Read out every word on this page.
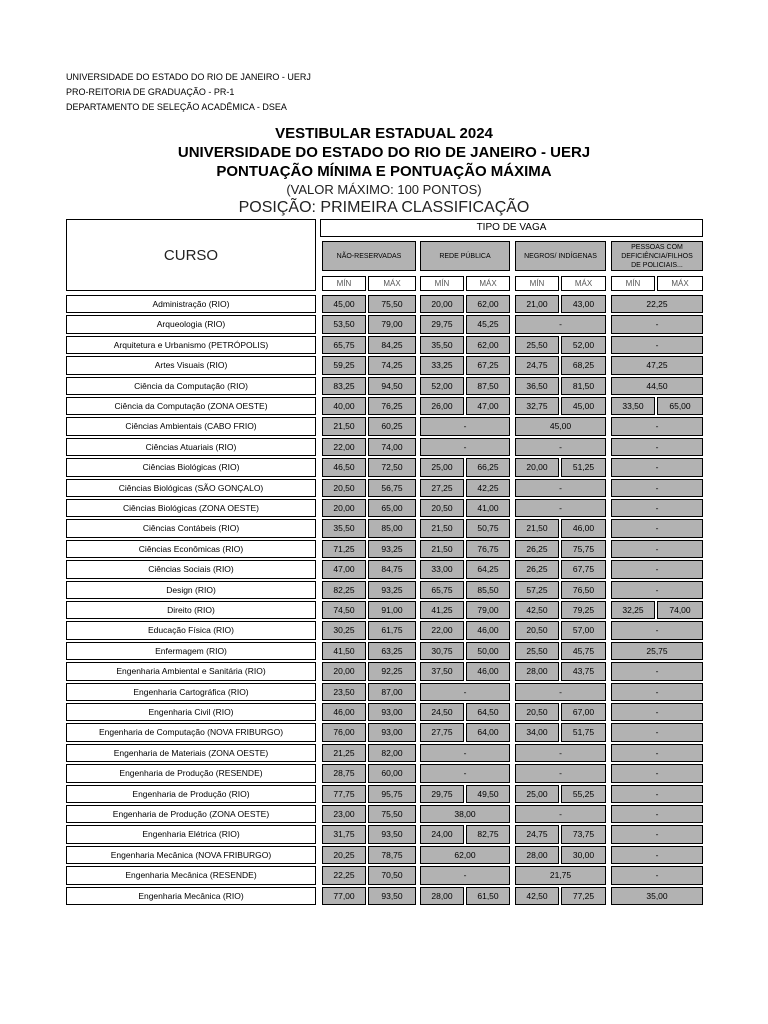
UNIVERSIDADE DO ESTADO DO RIO DE JANEIRO - UERJ
PRO-REITORIA DE GRADUAÇÃO - PR-1
DEPARTAMENTO DE SELEÇÃO ACADÊMICA - DSEA
VESTIBULAR ESTADUAL 2024
UNIVERSIDADE DO ESTADO DO RIO DE JANEIRO - UERJ
PONTUAÇÃO MÍNIMA E PONTUAÇÃO MÁXIMA
(VALOR MÁXIMO: 100 PONTOS)
POSIÇÃO: PRIMEIRA CLASSIFICAÇÃO
CURSO
TIPO DE VAGA
NÃO-RESERVADAS	REDE PÚBLICA	NEGROS/ INDÍGENAS
PESSOAS COM DEFICIÊNCIA/FILHOS DE POLICIAIS...
MÍN	MÁX	MÍN	MÁX	MÍN	MÁX	MÍN	MÁX
Administração (RIO)	45,00	75,50	20,00	62,00	21,00	43,00	22,25
Arqueologia (RIO)	53,50	79,00	29,75	45,25	-	-
Arquitetura e Urbanismo (PETRÓPOLIS)	65,75	84,25	35,50	62,00	25,50	52,00	-
Artes Visuais (RIO)	59,25	74,25	33,25	67,25	24,75	68,25	47,25
Ciência da Computação (RIO)	83,25	94,50	52,00	87,50	36,50	81,50	44,50
Ciência da Computação (ZONA OESTE)	40,00	76,25	26,00	47,00	32,75	45,00	33,50	65,00
Ciências Ambientais (CABO FRIO)	21,50	60,25	-	45,00	-
Ciências Atuariais (RIO)	22,00	74,00	-	-	-
Ciências Biológicas (RIO)	46,50	72,50	25,00	66,25	20,00	51,25	-
Ciências Biológicas (SÃO GONÇALO)	20,50	56,75	27,25	42,25	-	-
Ciências Biológicas (ZONA OESTE)	20,00	65,00	20,50	41,00	-	-
Ciências Contábeis (RIO)	35,50	85,00	21,50	50,75	21,50	46,00	-
Ciências Econômicas (RIO)	71,25	93,25	21,50	76,75	26,25	75,75	-
Ciências Sociais (RIO)	47,00	84,75	33,00	64,25	26,25	67,75	-
Design (RIO)	82,25	93,25	65,75	85,50	57,25	76,50	-
Direito (RIO)	74,50	91,00	41,25	79,00	42,50	79,25	32,25	74,00
Educação Física (RIO)	30,25	61,75	22,00	46,00	20,50	57,00	-
Enfermagem (RIO)	41,50	63,25	30,75	50,00	25,50	45,75	25,75
Engenharia Ambiental e Sanitária (RIO)	20,00	92,25	37,50	46,00	28,00	43,75	-
Engenharia Cartográfica (RIO)	23,50	87,00	-	-	-
Engenharia Civil (RIO)	46,00	93,00	24,50	64,50	20,50	67,00	-
Engenharia de Computação (NOVA FRIBURGO)	76,00	93,00	27,75	64,00	34,00	51,75	-
Engenharia de Materiais (ZONA OESTE)	21,25	82,00	-	-	-
Engenharia de Produção (RESENDE)	28,75	60,00	-	-	-
Engenharia de Produção (RIO)	77,75	95,75	29,75	49,50	25,00	55,25	-
Engenharia de Produção (ZONA OESTE)	23,00	75,50	38,00	-	-
Engenharia Elétrica (RIO)	31,75	93,50	24,00	82,75	24,75	73,75	-
Engenharia Mecânica (NOVA FRIBURGO)	20,25	78,75	62,00	28,00	30,00	-
Engenharia Mecânica (RESENDE)	22,25	70,50	-	21,75	-
Engenharia Mecânica (RIO)	77,00	93,50	28,00	61,50	42,50	77,25	35,00
